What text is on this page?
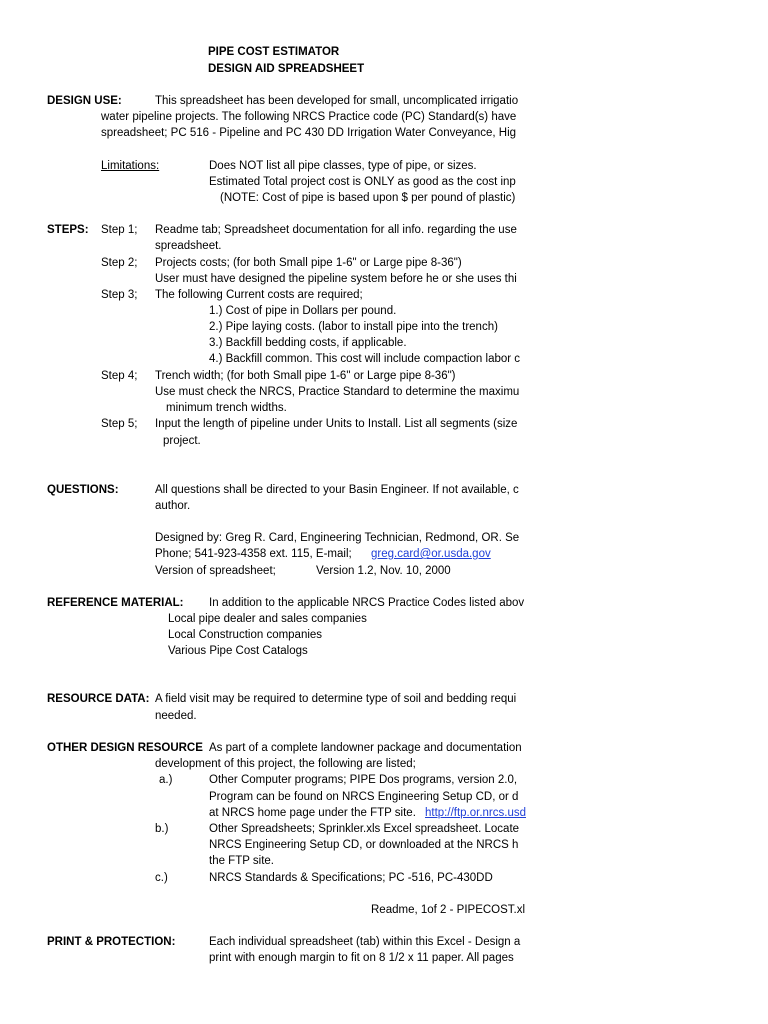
PIPE COST ESTIMATOR
DESIGN AID SPREADSHEET
DESIGN USE:	This spreadsheet has been developed for small, uncomplicated irrigatio
water pipeline projects. The following NRCS Practice code (PC) Standard(s) have
spreadsheet; PC 516 - Pipeline and PC 430 DD Irrigation Water Conveyance, Hig
Limitations:	Does NOT list all pipe classes, type of pipe, or sizes.
Estimated Total project cost is ONLY as good as the cost inp
(NOTE: Cost of pipe is based upon $ per pound of plastic)
STEPS: Step 1; Readme tab; Spreadsheet documentation for all info. regarding the use
spreadsheet.
Step 2; Projects costs; (for both Small pipe 1-6" or Large pipe 8-36")
User must have designed the pipeline system before he or she uses thi
Step 3; The following Current costs are required;
1.) Cost of pipe in Dollars per pound.
2.) Pipe laying costs. (labor to install pipe into the trench)
3.) Backfill bedding costs, if applicable.
4.) Backfill common. This cost will include compaction labor c
Step 4; Trench width; (for both Small pipe 1-6" or Large pipe 8-36")
Use must check the NRCS, Practice Standard to determine the maximu
minimum trench widths.
Step 5; Input the length of pipeline under Units to Install. List all segments (size
project.
QUESTIONS:	All questions shall be directed to your Basin Engineer. If not available, c
author.
Designed by: Greg R. Card, Engineering Technician, Redmond, OR. Se
Phone; 541-923-4358 ext. 115, E-mail; greg.card@or.usda.gov
Version of spreadsheet;	Version 1.2, Nov. 10, 2000
REFERENCE MATERIAL: In addition to the applicable NRCS Practice Codes listed abov
Local pipe dealer and sales companies
Local Construction companies
Various Pipe Cost Catalogs
RESOURCE DATA: A field visit may be required to determine type of soil and bedding requi
needed.
OTHER DESIGN RESOURCE As part of a complete landowner package and documentation
development of this project, the following are listed;
a.)	Other Computer programs; PIPE Dos programs, version 2.0,
Program can be found on NRCS Engineering Setup CD, or d
at NRCS home page under the FTP site. http://ftp.or.nrcs.usd
b.)	Other Spreadsheets; Sprinkler.xls Excel spreadsheet. Locate
NRCS Engineering Setup CD, or downloaded at the NRCS h
the FTP site.
c.)	NRCS Standards & Specifications; PC -516, PC-430DD
Readme, 1of 2 - PIPECOST.xl
PRINT & PROTECTION:	Each individual spreadsheet (tab) within this Excel - Design a
print with enough margin to fit on 8 1/2 x 11 paper. All pages
